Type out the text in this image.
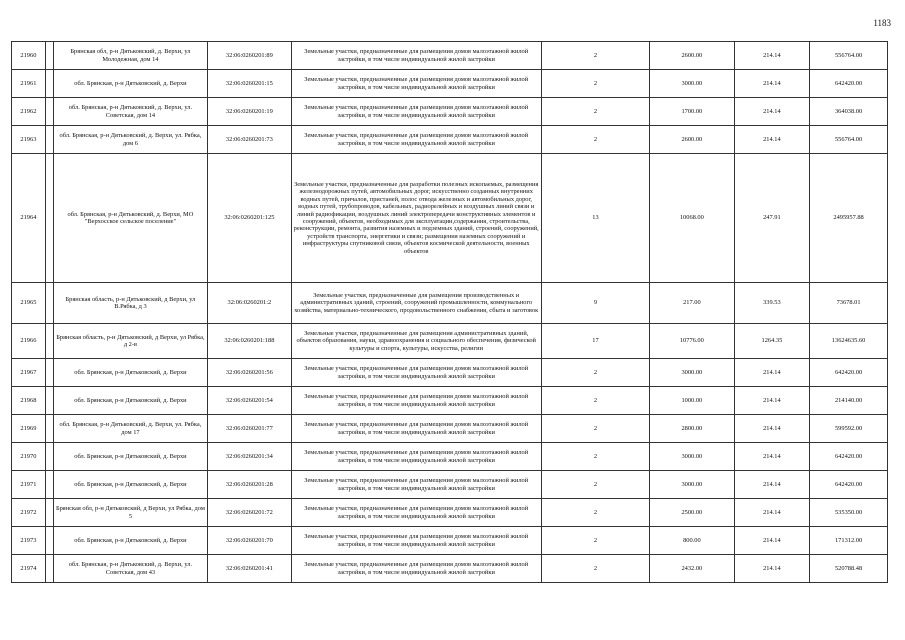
1183
21960		Брянская обл, р-н Дятьковский, д. Верхи, ул Молодежная, дом 14	32:06:0260201:89	Земельные участки, предназначенные для размещения домов малоэтажной жилой застройки, в том числе индивидуальной жилой застройки	2	2600.00	214.14	556764.00
21961		обл. Брянская, р-н Дятьковский, д. Верхи	32:06:0260201:15	Земельные участки, предназначенные для размещения домов малоэтажной жилой застройки, в том числе индивидуальной жилой застройки	2	3000.00	214.14	642420.00
21962		обл. Брянская, р-н Дятьковский, д. Верхи, ул. Советская, дом 14	32:06:0260201:19	Земельные участки, предназначенные для размещения домов малоэтажной жилой застройки, в том числе индивидуальной жилой застройки	2	1700.00	214.14	364038.00
21963		обл. Брянская, р-н Дятьковский, д. Верхи, ул. Рябка, дом 6	32:06:0260201:73	Земельные участки, предназначенные для размещения домов малоэтажной жилой застройки, в том числе индивидуальной жилой застройки	2	2600.00	214.14	556764.00
21964		обл. Брянская, р-н Дятьковский, д. Верхи, МО "Верхосское сельское поселение"	32:06:0260201:125	Земельные участки, предназначенные для разработки полезных ископаемых, размещения железнодорожных путей, автомобильных дорог, искусственно созданных внутренних водных путей, причалов, пристаней, полос отвода железных и автомобильных дорог, водных путей, трубопроводов, кабельных, радиорелейных и воздушных линий связи и линий радиофикации, воздушных линий электропередачи конструктивных элементов и сооружений, объектов, необходимых для эксплуатации,содержания, строительства, реконструкции, ремонта, развития наземных и подземных зданий, строений, сооружений, устройств транспорта, энергетики и связи; размещения наземных сооружений и инфраструктуры спутниковой связи, объектов космической деятельности, военных объектов	13	10068.00	247.91	2495957.88
21965		Брянская область, р-н Дятьковский, д Верхи, ул В.Рябка, д 3	32:06:0260201:2	Земельные участки, предназначенные для размещения производственных и административных зданий, строений, сооружений промышленности, коммунального хозяйства, материально-технического, продовольственного снабжения, сбыта и заготовок	9	217.00	339.53	73678.01
21966		Брянская область, р-н Дятьковский, д Верхи, ул Рябка, д 2-в	32:06:0260201:188	Земельные участки, предназначенные для размещения административных зданий, объектов образования, науки, здравоохранения и социального обеспечения, физической культуры и спорта, культуры, искусства, религии	17	10776.00	1264.35	13624635.60
21967		обл. Брянская, р-н Дятьковский, д. Верхи	32:06:0260201:56	Земельные участки, предназначенные для размещения домов малоэтажной жилой застройки, в том числе индивидуальной жилой застройки	2	3000.00	214.14	642420.00
21968		обл. Брянская, р-н Дятьковский, д. Верхи	32:06:0260201:54	Земельные участки, предназначенные для размещения домов малоэтажной жилой застройки, в том числе индивидуальной жилой застройки	2	1000.00	214.14	214140.00
21969		обл. Брянская, р-н Дятьковский, д. Верхи, ул. Рябка, дом 17	32:06:0260201:77	Земельные участки, предназначенные для размещения домов малоэтажной жилой застройки, в том числе индивидуальной жилой застройки	2	2800.00	214.14	599592.00
21970		обл. Брянская, р-н Дятьковский, д. Верхи	32:06:0260201:34	Земельные участки, предназначенные для размещения домов малоэтажной жилой застройки, в том числе индивидуальной жилой застройки	2	3000.00	214.14	642420.00
21971		обл. Брянская, р-н Дятьковский, д. Верхи	32:06:0260201:28	Земельные участки, предназначенные для размещения домов малоэтажной жилой застройки, в том числе индивидуальной жилой застройки	2	3000.00	214.14	642420.00
21972		Брянская обл, р-н Дятьковский, д Верхи, ул Рябка, дом 5	32:06:0260201:72	Земельные участки, предназначенные для размещения домов малоэтажной жилой застройки, в том числе индивидуальной жилой застройки	2	2500.00	214.14	535350.00
21973		обл. Брянская, р-н Дятьковский, д. Верхи	32:06:0260201:70	Земельные участки, предназначенные для размещения домов малоэтажной жилой застройки, в том числе индивидуальной жилой застройки	2	800.00	214.14	171312.00
21974		обл. Брянская, р-н Дятьковский, д. Верхи, ул. Советская, дом 43	32:06:0260201:41	Земельные участки, предназначенные для размещения домов малоэтажной жилой застройки, в том числе индивидуальной жилой застройки	2	2432.00	214.14	520788.48
